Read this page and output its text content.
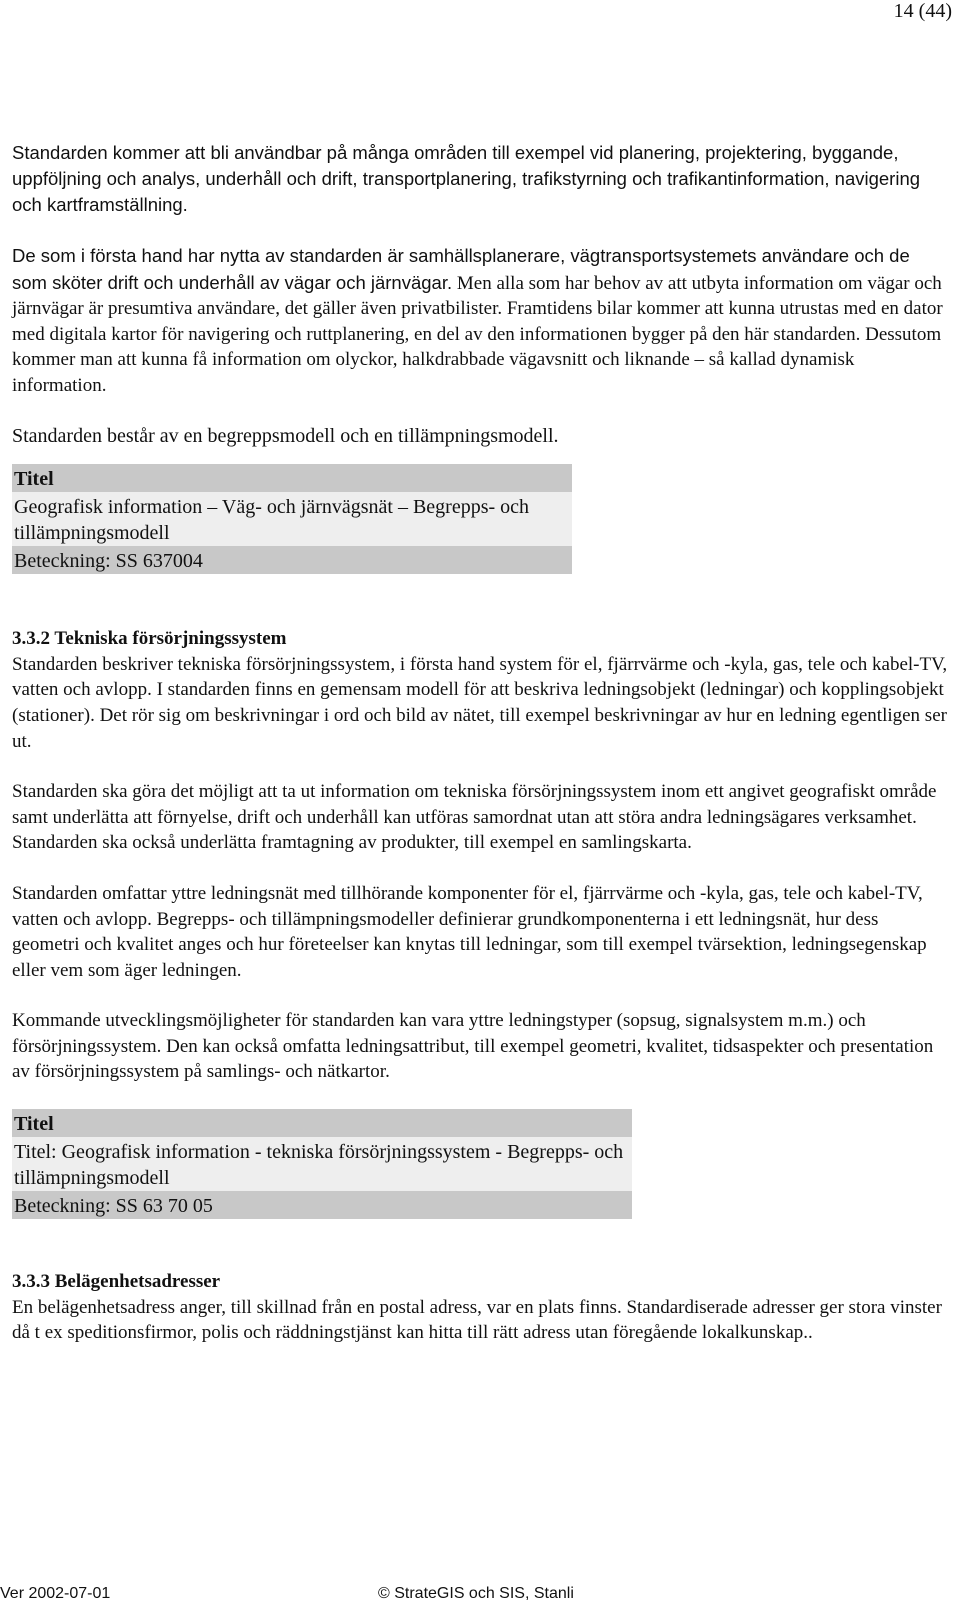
14 (44)

Standarden kommer att bli användbar på många områden till exempel vid planering, projektering, byggande, uppföljning och analys, underhåll och drift, transportplanering, trafikstyrning och trafikantinformation, navigering och kartframställning.

De som i första hand har nytta av standarden är samhällsplanerare, vägtransportsystemets användare och de som sköter drift och underhåll av vägar och järnvägar. Men alla som har behov av att utbyta information om vägar och järnvägar är presumtiva användare, det gäller även privatbilister. Framtidens bilar kommer att kunna utrustas med en dator med digitala kartor för navigering och ruttplanering, en del av den informationen bygger på den här standarden. Dessutom kommer man att kunna få information om olyckor, halkdrabbade vägavsnitt och liknande – så kallad dynamisk information.

Standarden består av en begreppsmodell och en tillämpningsmodell.

Titel
Geografisk information – Väg- och järnvägsnät – Begrepps- och tillämpningsmodell
Beteckning: SS 637004
3.3.2 Tekniska försörjningssystem

Standarden beskriver tekniska försörjningssystem, i första hand system för el, fjärrvärme och -kyla, gas, tele och kabel-TV, vatten och avlopp. I standarden finns en gemensam modell för att beskriva ledningsobjekt (ledningar) och kopplingsobjekt (stationer). Det rör sig om beskrivningar i ord och bild av nätet, till exempel beskrivningar av hur en ledning egentligen ser ut.

Standarden ska göra det möjligt att ta ut information om tekniska försörjningssystem inom ett angivet geografiskt område samt underlätta att förnyelse, drift och underhåll kan utföras samordnat utan att störa andra ledningsägares verksamhet. Standarden ska också underlätta framtagning av produkter, till exempel en samlingskarta.

Standarden omfattar yttre ledningsnät med tillhörande komponenter för el, fjärrvärme och -kyla, gas, tele och kabel-TV, vatten och avlopp. Begrepps- och tillämpningsmodeller definierar grundkomponenterna i ett ledningsnät, hur dess geometri och kvalitet anges och hur företeelser kan knytas till ledningar, som till exempel tvärsektion, ledningsegenskap eller vem som äger ledningen.

Kommande utvecklingsmöjligheter för standarden kan vara yttre ledningstyper (sopsug, signalsystem m.m.) och försörjningssystem. Den kan också omfatta ledningsattribut, till exempel geometri, kvalitet, tidsaspekter och presentation av försörjningssystem på samlings- och nätkartor.

Titel
Titel: Geografisk information - tekniska försörjningssystem - Begrepps- och tillämpningsmodell
Beteckning: SS 63 70 05
3.3.3 Belägenhetsadresser

En belägenhetsadress anger, till skillnad från en postal adress, var en plats finns. Standardiserade adresser ger stora vinster då t ex speditionsfirmor, polis och räddningstjänst kan hitta till rätt adress utan föregående lokalkunskap..

Ver 2002-07-01	© StrateGIS och SIS, Stanli
